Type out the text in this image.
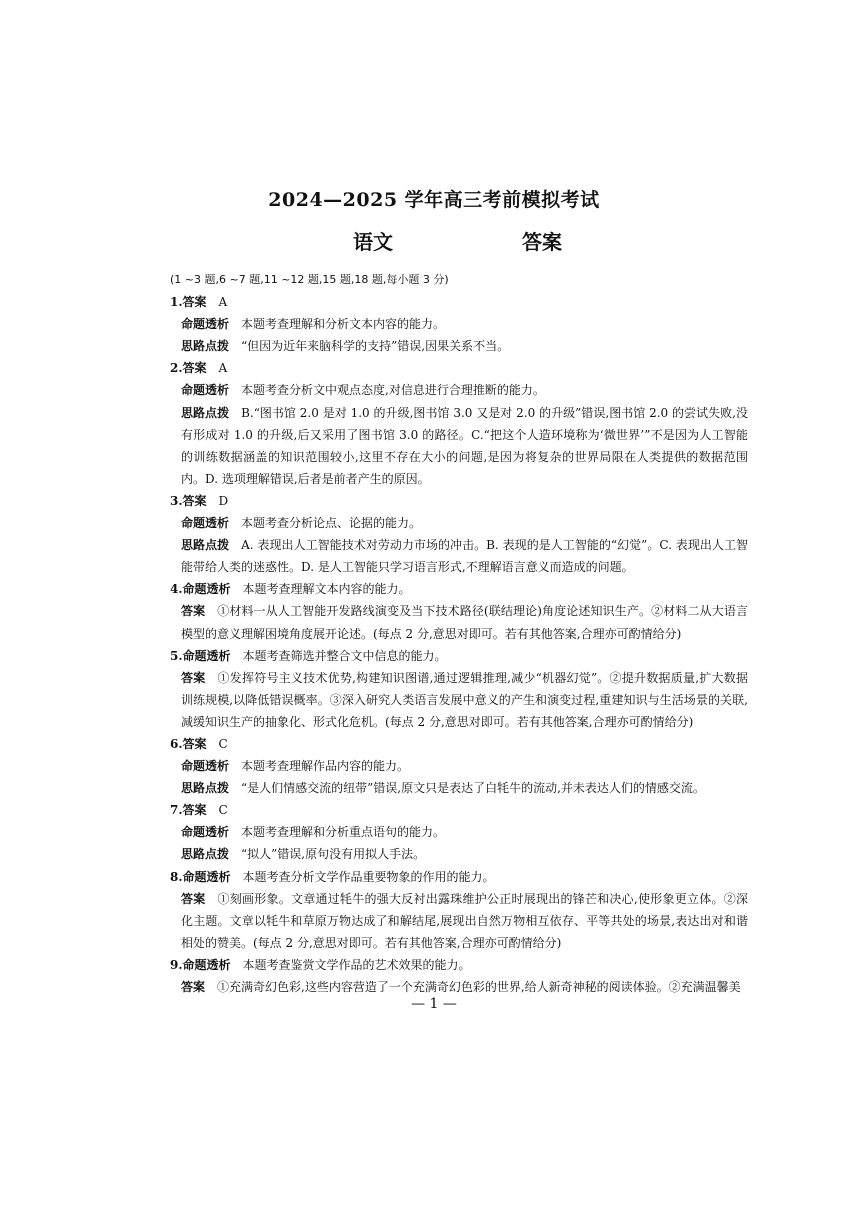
2024—2025 学年高三考前模拟考试
语文	答案
(1 ~3 题,6 ~7 题,11 ~12 题,15 题,18 题,每小题 3 分)
1.答案 A
命题透析 本题考查理解和分析文本内容的能力。
思路点拨 “但因为近年来脑科学的支持”错误,因果关系不当。
2.答案 A
命题透析 本题考查分析文中观点态度,对信息进行合理推断的能力。
思路点拨 B.“图书馆 2.0 是对 1.0 的升级,图书馆 3.0 又是对 2.0 的升级”错误,图书馆 2.0 的尝试失败,没有形成对 1.0 的升级,后又采用了图书馆 3.0 的路径。C.“把这个人造环境称为‘微世界’”不是因为人工智能的训练数据涵盖的知识范围较小,这里不存在大小的问题,是因为将复杂的世界局限在人类提供的数据范围内。D. 选项理解错误,后者是前者产生的原因。
3.答案 D
命题透析 本题考查分析论点、论据的能力。
思路点拨 A. 表现出人工智能技术对劳动力市场的冲击。B. 表现的是人工智能的“幻觉”。C. 表现出人工智能带给人类的迷惑性。D. 是人工智能只学习语言形式,不理解语言意义而造成的问题。
4.命题透析 本题考查理解文本内容的能力。
答案 ①材料一从人工智能开发路线演变及当下技术路径(联结理论)角度论述知识生产。②材料二从大语言模型的意义理解困境角度展开论述。(每点 2 分,意思对即可。若有其他答案,合理亦可酌情给分)
5.命题透析 本题考查筛选并整合文中信息的能力。
答案 ①发挥符号主义技术优势,构建知识图谱,通过逻辑推理,减少“机器幻觉”。②提升数据质量,扩大数据训练规模,以降低错误概率。③深入研究人类语言发展中意义的产生和演变过程,重建知识与生活场景的关联,减缓知识生产的抽象化、形式化危机。(每点 2 分,意思对即可。若有其他答案,合理亦可酌情给分)
6.答案 C
命题透析 本题考查理解作品内容的能力。
思路点拨 “是人们情感交流的纽带”错误,原文只是表达了白牦牛的流动,并未表达人们的情感交流。
7.答案 C
命题透析 本题考查理解和分析重点语句的能力。
思路点拨 “拟人”错误,原句没有用拟人手法。
8.命题透析 本题考查分析文学作品重要物象的作用的能力。
答案 ①刻画形象。文章通过牦牛的强大反衬出露珠维护公正时展现出的锋芒和决心,使形象更立体。②深化主题。文章以牦牛和草原万物达成了和解结尾,展现出自然万物相互依存、平等共处的场景,表达出对和谐相处的赞美。(每点 2 分,意思对即可。若有其他答案,合理亦可酌情给分)
9.命题透析 本题考查鉴赏文学作品的艺术效果的能力。
答案 ①充满奇幻色彩,这些内容营造了一个充满奇幻色彩的世界,给人新奇神秘的阅读体验。②充满温馨美
— 1 —
